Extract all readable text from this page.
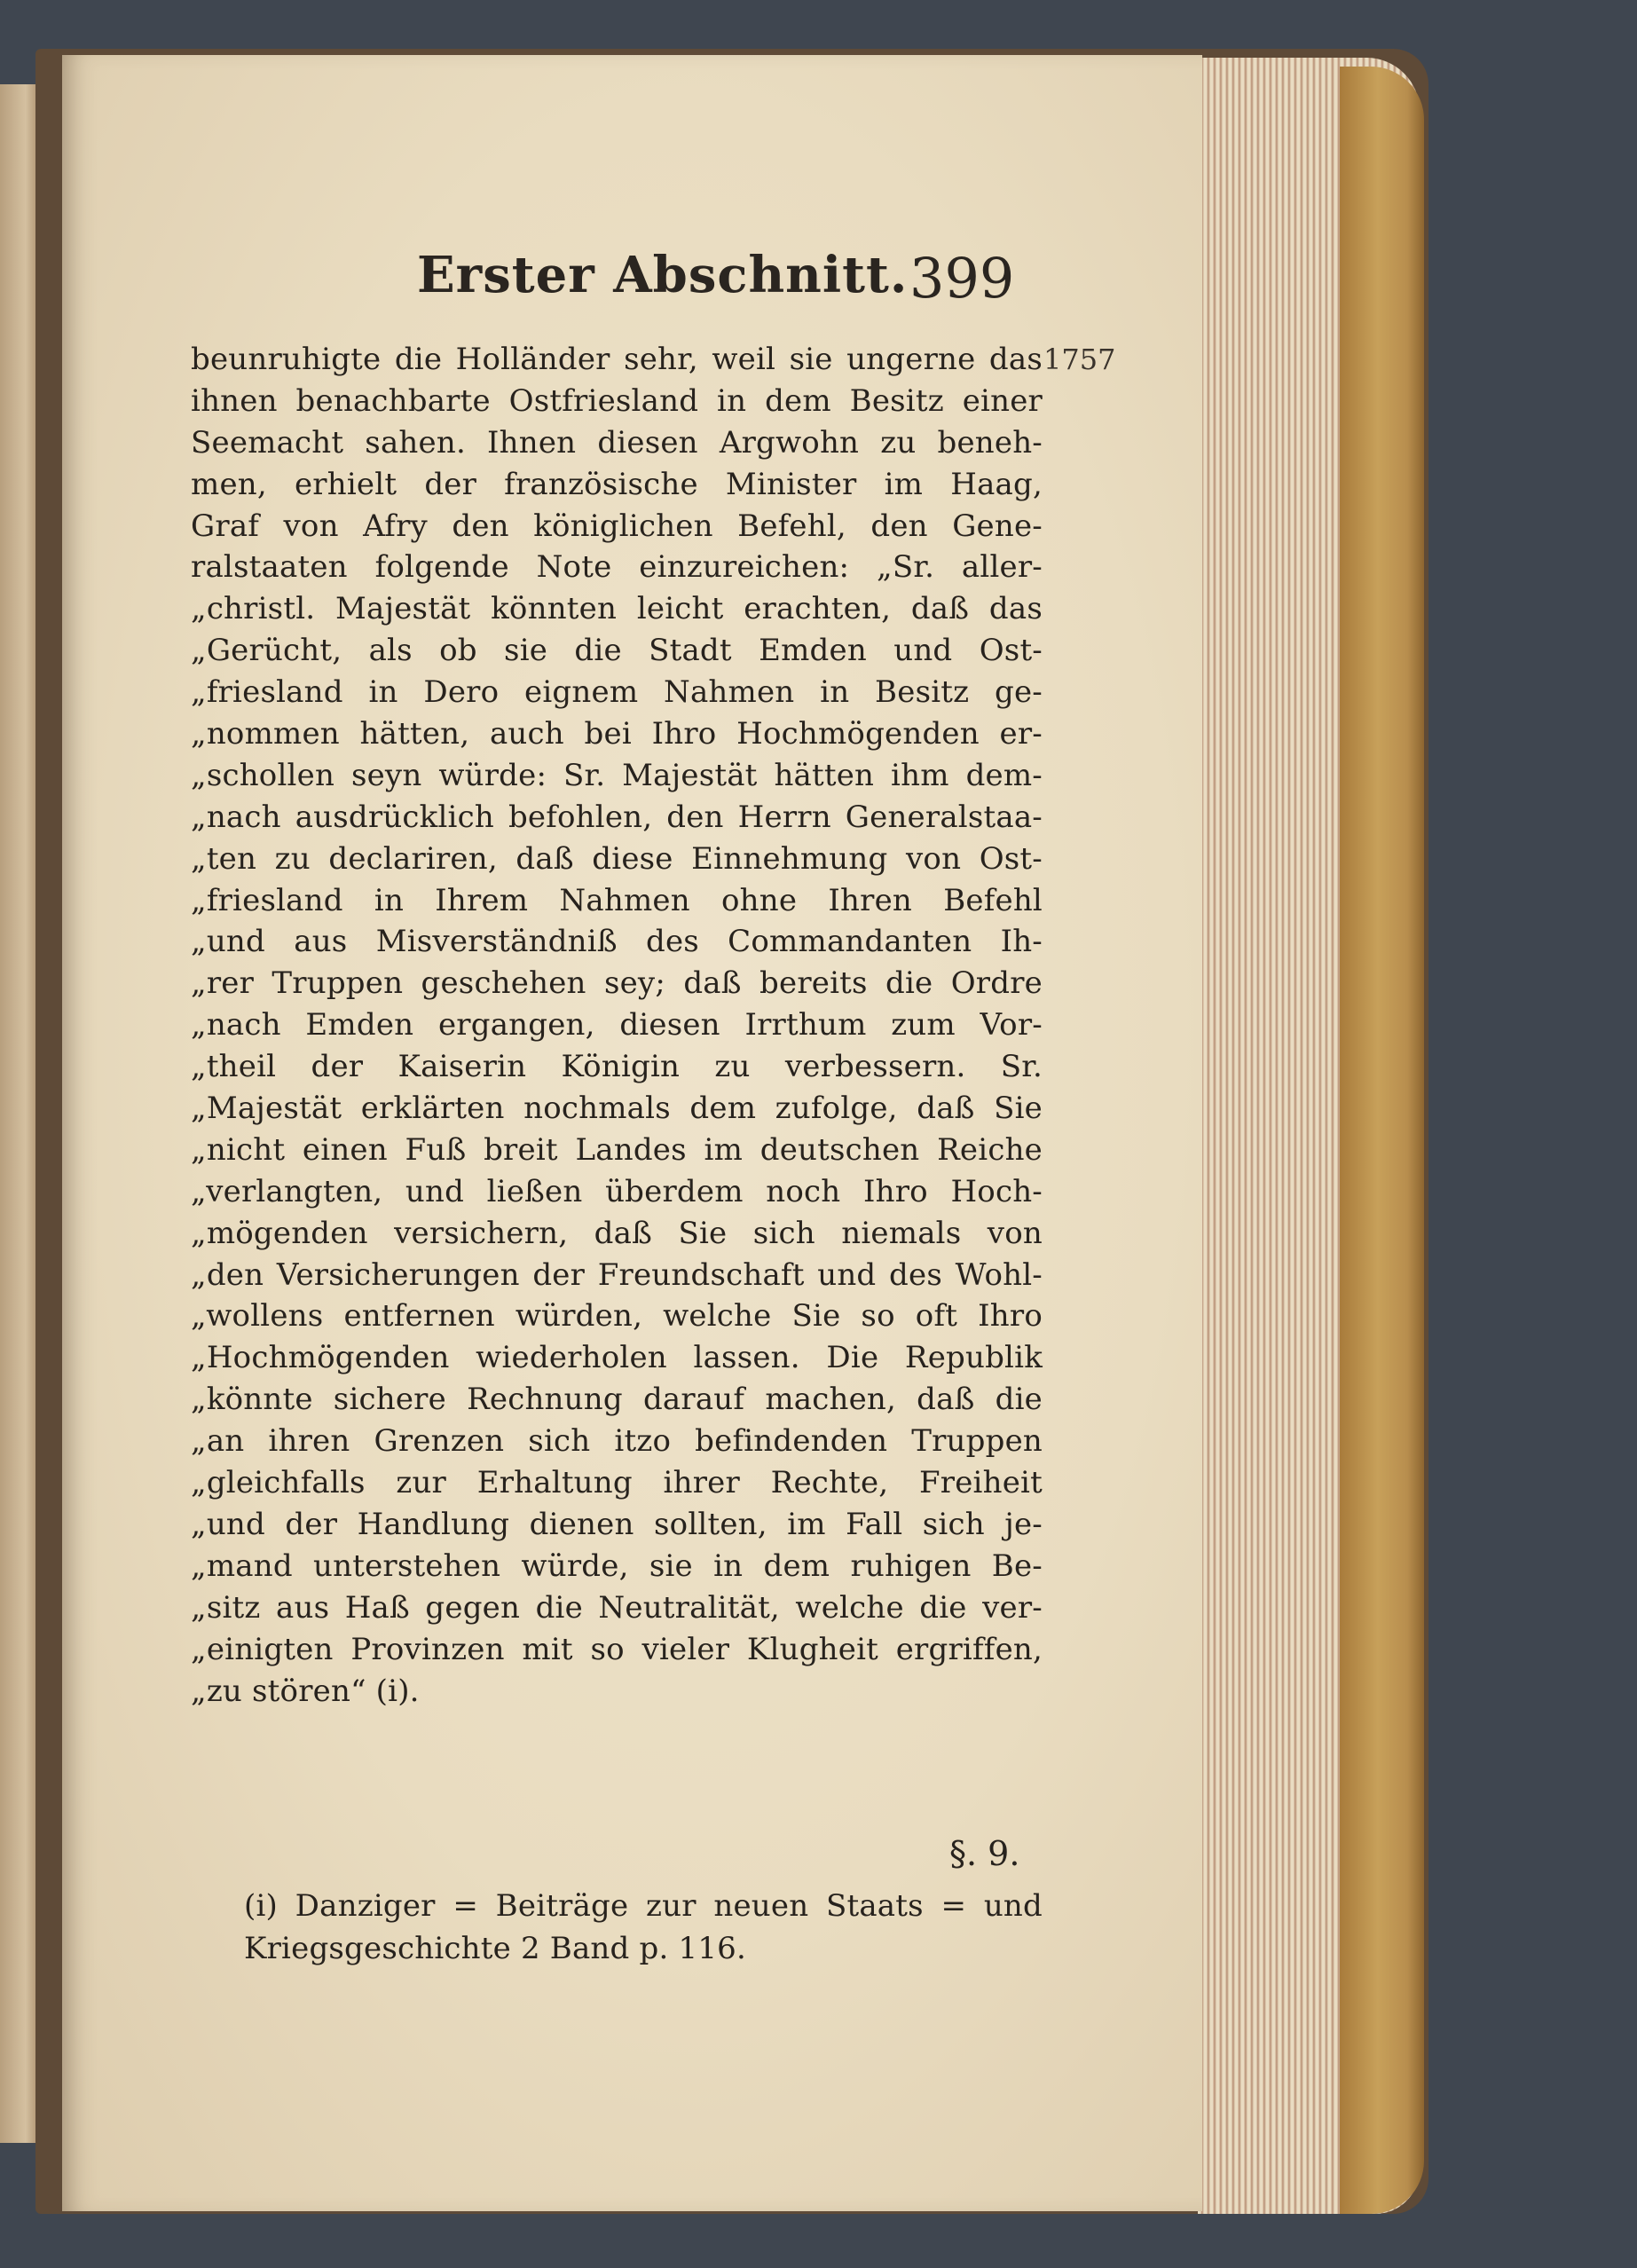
Erster Abschnitt. 399
1757
beunruhigte die Holländer sehr, weil sie ungerne das
ihnen benachbarte Ostfriesland in dem Besitz einer
Seemacht sahen. Ihnen diesen Argwohn zu beneh-
men, erhielt der französische Minister im Haag,
Graf von Afry den königlichen Befehl, den Gene-
ralstaaten folgende Note einzureichen: „Sr. aller-
„christl. Majestät könnten leicht erachten, daß das
„Gerücht, als ob sie die Stadt Emden und Ost-
„friesland in Dero eignem Nahmen in Besitz ge-
„nommen hätten, auch bei Ihro Hochmögenden er-
„schollen seyn würde: Sr. Majestät hätten ihm dem-
„nach ausdrücklich befohlen, den Herrn Generalstaa-
„ten zu declariren, daß diese Einnehmung von Ost-
„friesland in Ihrem Nahmen ohne Ihren Befehl
„und aus Misverständniß des Commandanten Ih-
„rer Truppen geschehen sey; daß bereits die Ordre
„nach Emden ergangen, diesen Irrthum zum Vor-
„theil der Kaiserin Königin zu verbessern. Sr.
„Majestät erklärten nochmals dem zufolge, daß Sie
„nicht einen Fuß breit Landes im deutschen Reiche
„verlangten, und ließen überdem noch Ihro Hoch-
„mögenden versichern, daß Sie sich niemals von
„den Versicherungen der Freundschaft und des Wohl-
„wollens entfernen würden, welche Sie so oft Ihro
„Hochmögenden wiederholen lassen. Die Republik
„könnte sichere Rechnung darauf machen, daß die
„an ihren Grenzen sich itzo befindenden Truppen
„gleichfalls zur Erhaltung ihrer Rechte, Freiheit
„und der Handlung dienen sollten, im Fall sich je-
„mand unterstehen würde, sie in dem ruhigen Be-
„sitz aus Haß gegen die Neutralität, welche die ver-
„einigten Provinzen mit so vieler Klugheit ergriffen,
„zu stören“ (i).
§. 9.
(i) Danziger = Beiträge zur neuen Staats = und
Kriegsgeschichte 2 Band p. 116.
